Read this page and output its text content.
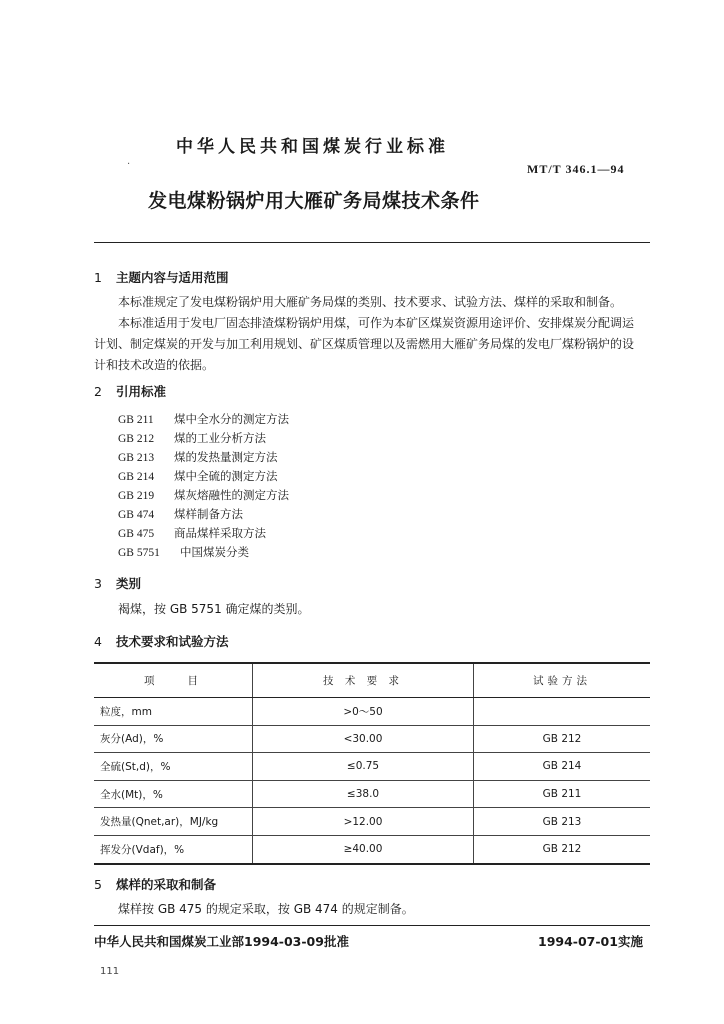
.
中华人民共和国煤炭行业标准
MT/T 346.1—94
发电煤粉锅炉用大雁矿务局煤技术条件
1 主题内容与适用范围
本标准规定了发电煤粉锅炉用大雁矿务局煤的类别、技术要求、试验方法、煤样的采取和制备。
本标准适用于发电厂固态排渣煤粉锅炉用煤，可作为本矿区煤炭资源用途评价、安排煤炭分配调运
计划、制定煤炭的开发与加工利用规划、矿区煤质管理以及需燃用大雁矿务局煤的发电厂煤粉锅炉的设
计和技术改造的依据。
2 引用标准
GB 211 煤中全水分的测定方法
GB 212 煤的工业分析方法
GB 213 煤的发热量测定方法
GB 214 煤中全硫的测定方法
GB 219 煤灰熔融性的测定方法
GB 474 煤样制备方法
GB 475 商品煤样采取方法
GB 5751 中国煤炭分类
3 类别
褐煤，按 GB 5751 确定煤的类别。
4 技术要求和试验方法
项　　目	技 术 要 求	试验方法
粒度，mm	>0～50	
灰分(Ad)，%	<30.00	GB 212
全硫(St,d)，%	≤0.75	GB 214
全水(Mt)，%	≤38.0	GB 211
发热量(Qnet,ar)，MJ/kg	>12.00	GB 213
挥发分(Vdaf)，%	≥40.00	GB 212
5 煤样的采取和制备
煤样按 GB 475 的规定采取，按 GB 474 的规定制备。
中华人民共和国煤炭工业部1994-03-09批准	1994-07-01实施
111
